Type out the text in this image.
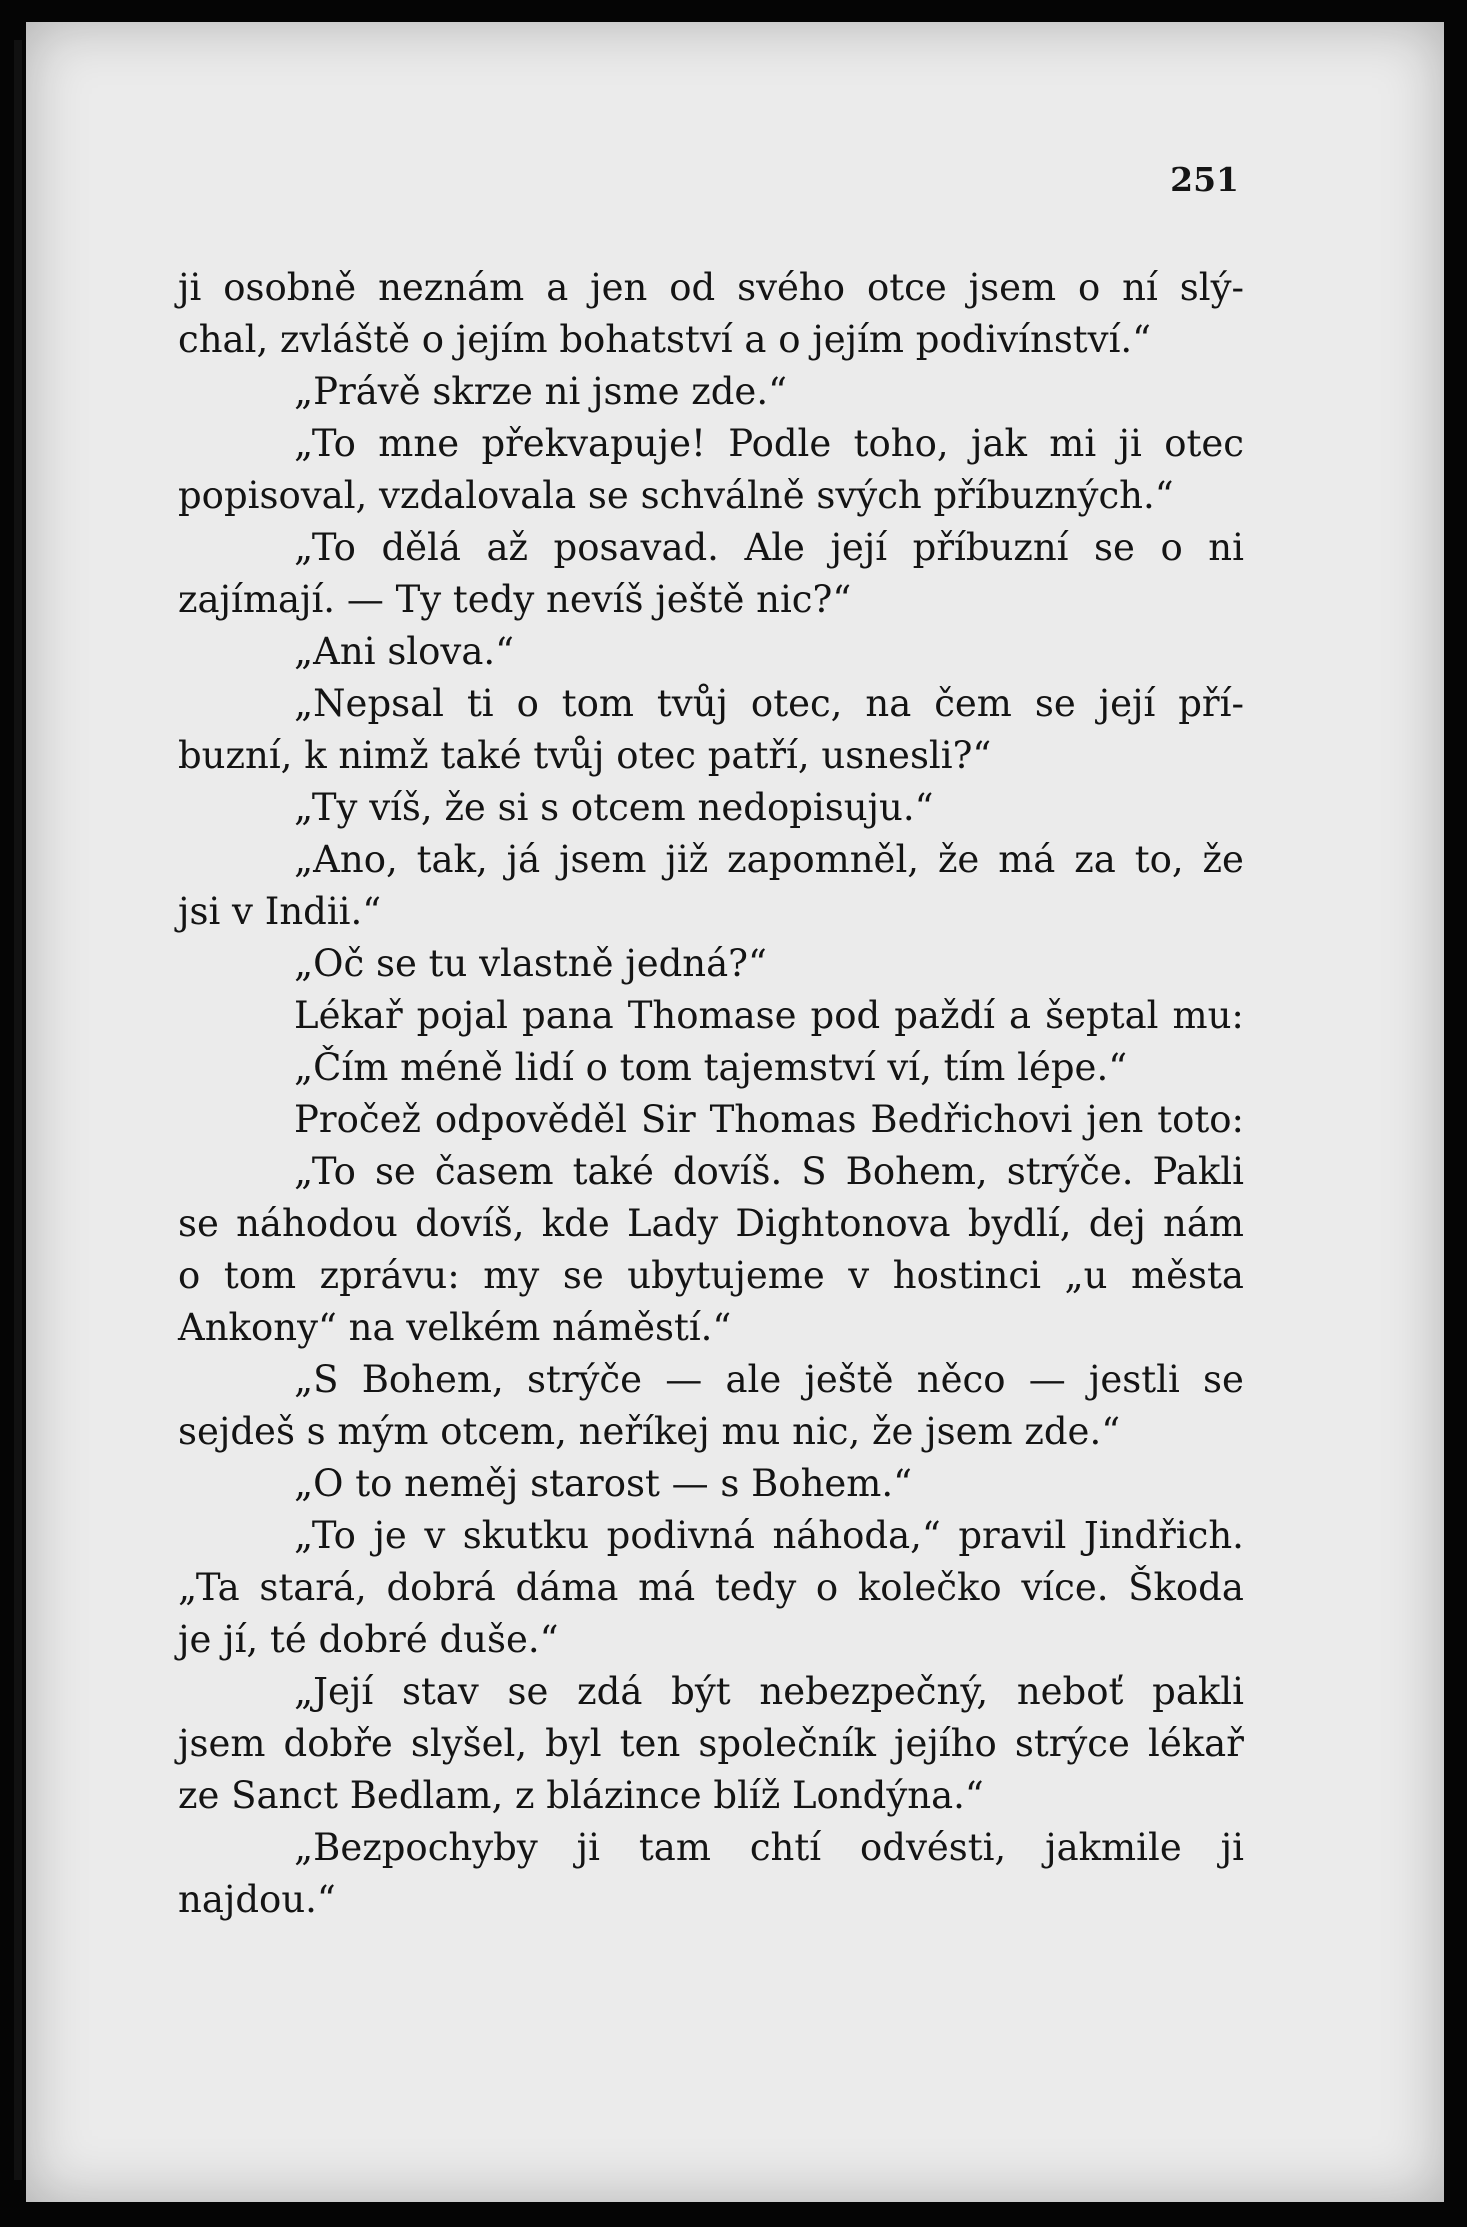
251
ji osobně neznám a jen od svého otce jsem o ní slý-
chal, zvláště o jejím bohatství a o jejím podivínství.“
„Právě skrze ni jsme zde.“
„To mne překvapuje! Podle toho, jak mi ji otec
popisoval, vzdalovala se schválně svých příbuzných.“
„To dělá až posavad. Ale její příbuzní se o ni
zajímají. — Ty tedy nevíš ještě nic?“
„Ani slova.“
„Nepsal ti o tom tvůj otec, na čem se její pří-
buzní, k nimž také tvůj otec patří, usnesli?“
„Ty víš, že si s otcem nedopisuju.“
„Ano, tak, já jsem již zapomněl, že má za to, že
jsi v Indii.“
„Oč se tu vlastně jedná?“
Lékař pojal pana Thomase pod paždí a šeptal mu:
„Čím méně lidí o tom tajemství ví, tím lépe.“
Pročež odpověděl Sir Thomas Bedřichovi jen toto:
„To se časem také dovíš. S Bohem, strýče. Pakli
se náhodou dovíš, kde Lady Dightonova bydlí, dej nám
o tom zprávu: my se ubytujeme v hostinci „u města
Ankony“ na velkém náměstí.“
„S Bohem, strýče — ale ještě něco — jestli se
sejdeš s mým otcem, neříkej mu nic, že jsem zde.“
„O to neměj starost — s Bohem.“
„To je v skutku podivná náhoda,“ pravil Jindřich.
„Ta stará, dobrá dáma má tedy o kolečko více. Škoda
je jí, té dobré duše.“
„Její stav se zdá být nebezpečný, neboť pakli
jsem dobře slyšel, byl ten společník jejího strýce lékař
ze Sanct Bedlam, z blázince blíž Londýna.“
„Bezpochyby ji tam chtí odvésti, jakmile ji
najdou.“
